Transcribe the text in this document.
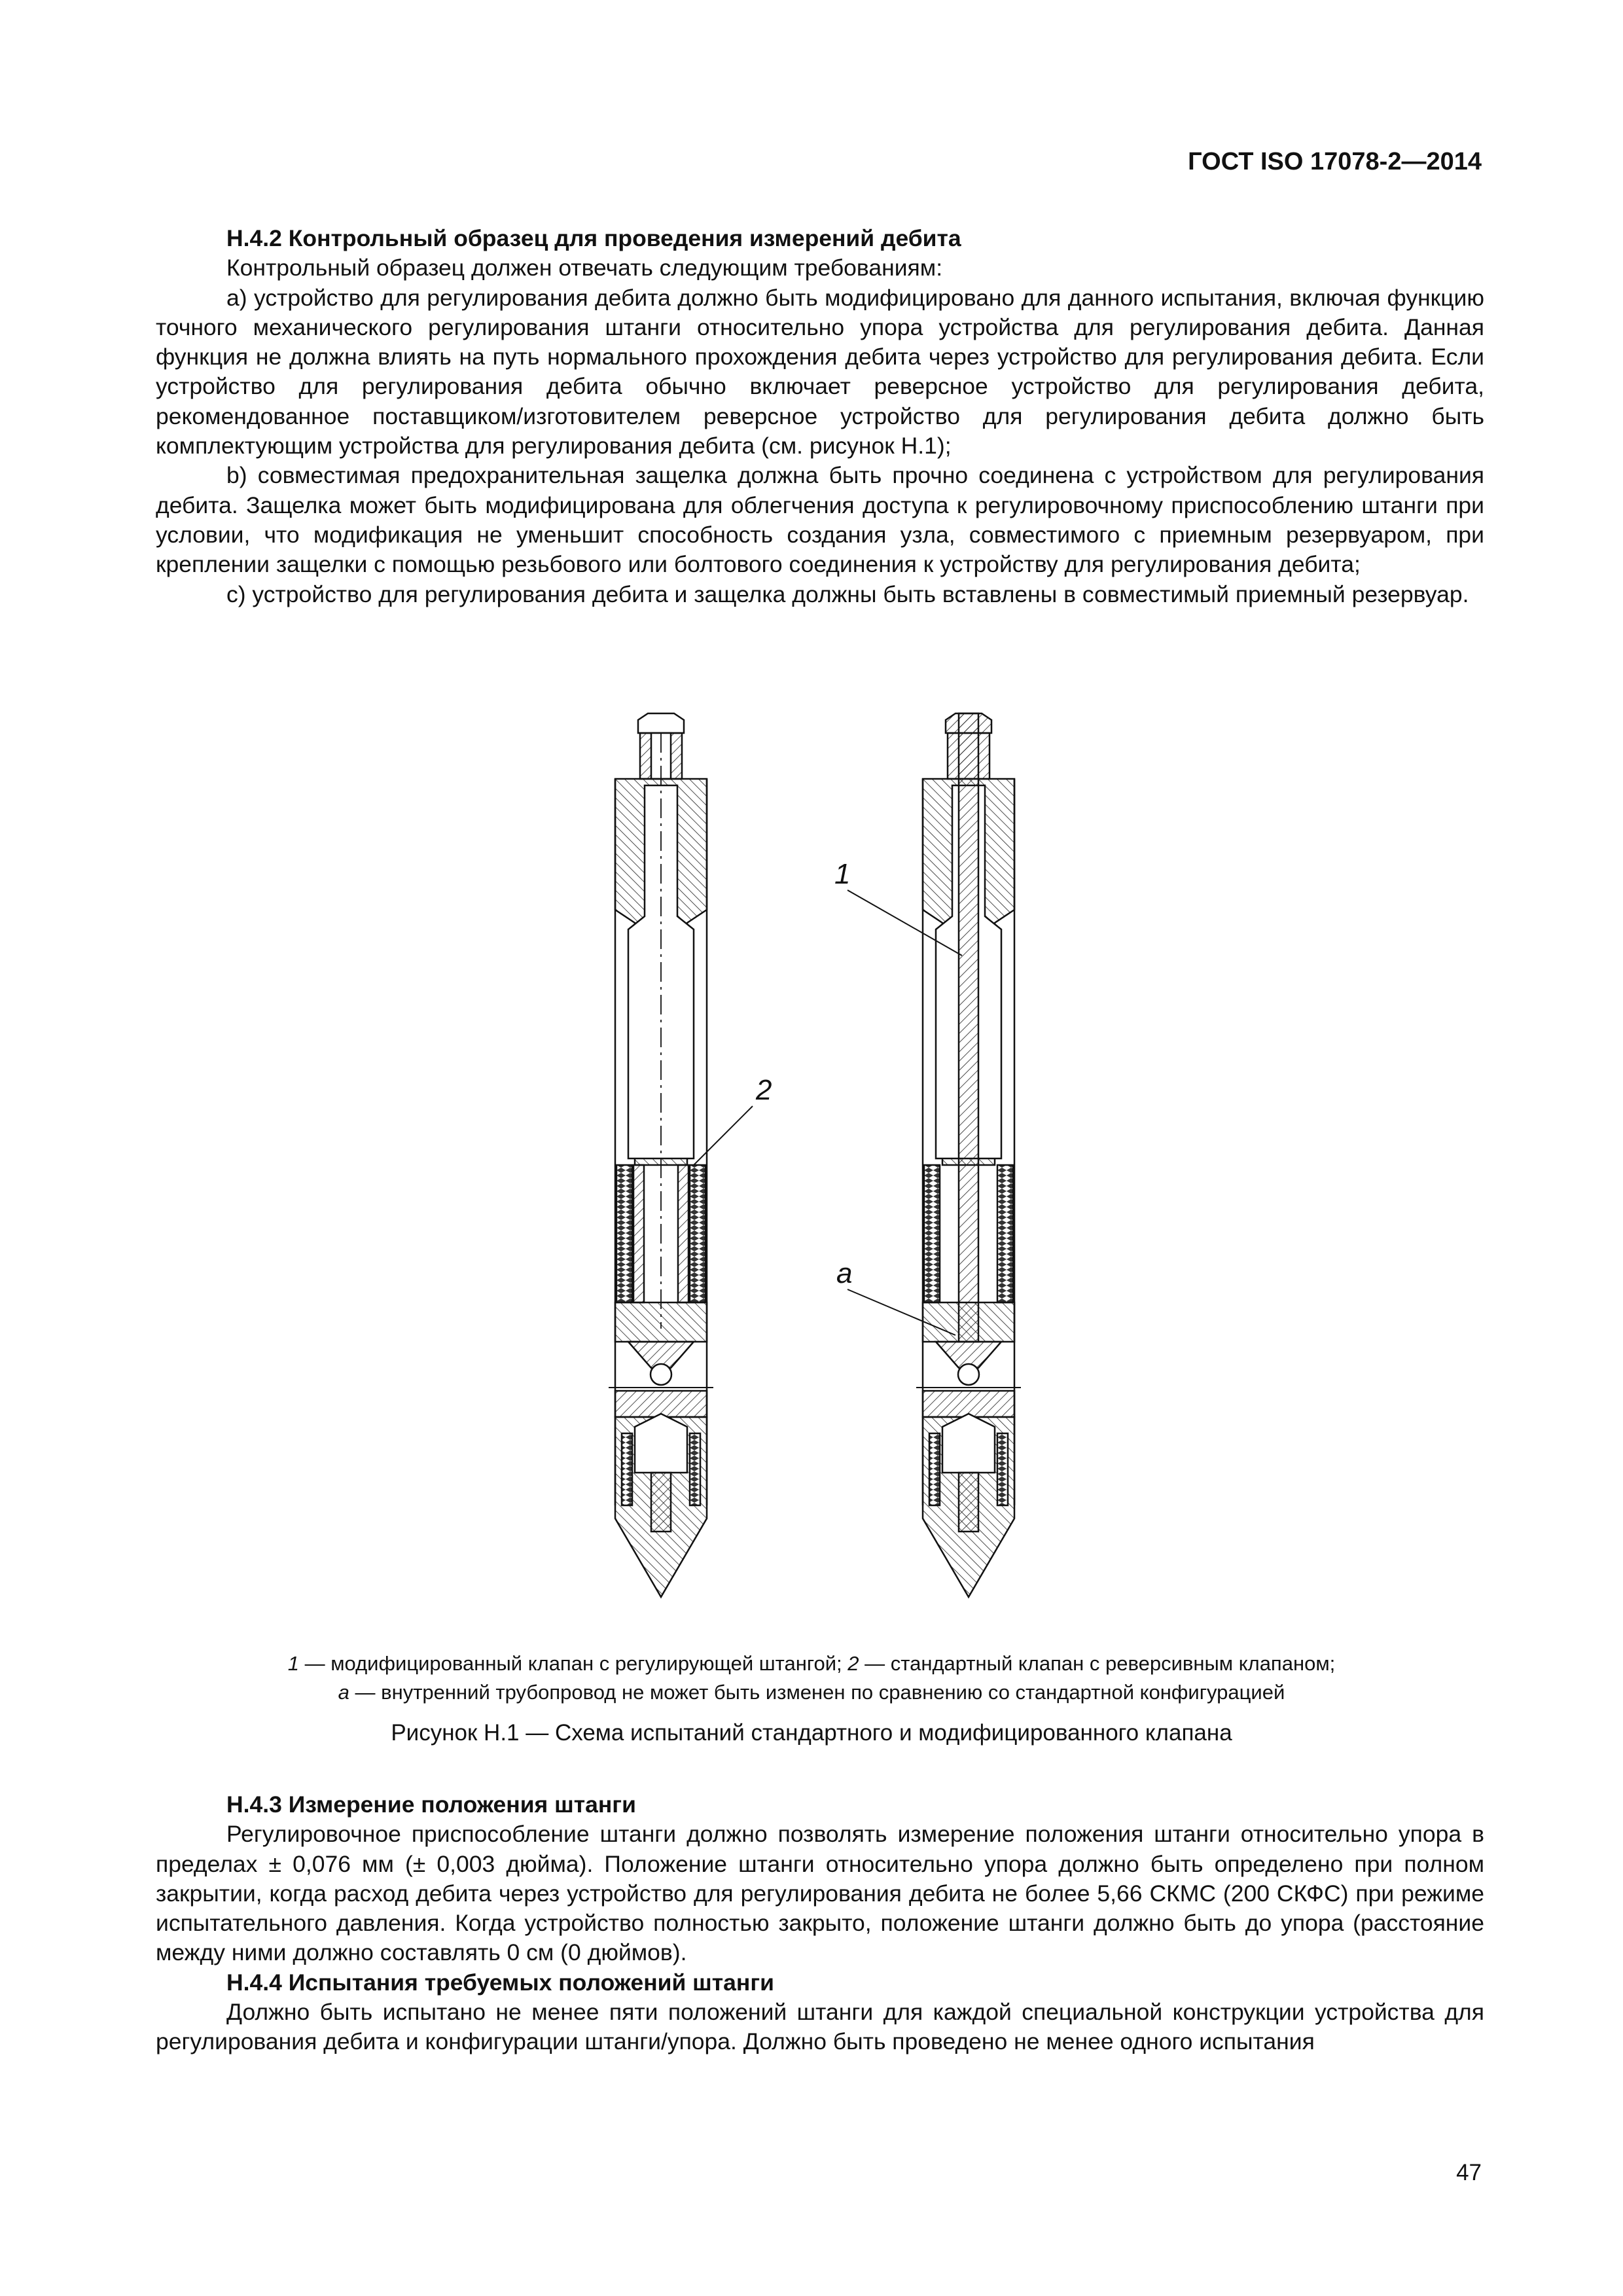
ГОСТ ISO 17078-2—2014

Н.4.2 Контрольный образец для проведения измерений дебита

Контрольный образец должен отвечать следующим требованиям:

а) устройство для регулирования дебита должно быть модифицировано для данного испытания, включая функцию точного механического регулирования штанги относительно упора устройства для регулирования дебита. Данная функция не должна влиять на путь нормального прохождения дебита через устройство для регулирования дебита. Если устройство для регулирования дебита обычно включает реверсное устройство для регулирования дебита, рекомендованное поставщиком/изготовителем реверсное устройство для регулирования дебита должно быть комплектующим устройства для регулирования дебита (см. рисунок Н.1);

b) совместимая предохранительная защелка должна быть прочно соединена с устройством для регулирования дебита. Защелка может быть модифицирована для облегчения доступа к регулировочному приспособлению штанги при условии, что модификация не уменьшит способность создания узла, совместимого с приемным резервуаром, при креплении защелки с помощью резьбового или болтового соединения к устройству для регулирования дебита;

с) устройство для регулирования дебита и защелка должны быть вставлены в совместимый приемный резервуар.

2
1
a
1 — модифицированный клапан с регулирующей штангой; 2 — стандартный клапан с реверсивным клапаном;
а — внутренний трубопровод не может быть изменен по сравнению со стандартной конфигурацией
Рисунок Н.1 — Схема испытаний стандартного и модифицированного клапана

Н.4.3 Измерение положения штанги

Регулировочное приспособление штанги должно позволять измерение положения штанги относительно упора в пределах ± 0,076 мм (± 0,003 дюйма). Положение штанги относительно упора должно быть определено при полном закрытии, когда расход дебита через устройство для регулирования дебита не более 5,66 СКМС (200 СКФС) при режиме испытательного давления. Когда устройство полностью закрыто, положение штанги должно быть до упора (расстояние между ними должно составлять 0 см (0 дюймов).

Н.4.4 Испытания требуемых положений штанги

Должно быть испытано не менее пяти положений штанги для каждой специальной конструкции устройства для регулирования дебита и конфигурации штанги/упора. Должно быть проведено не менее одного испытания

47
